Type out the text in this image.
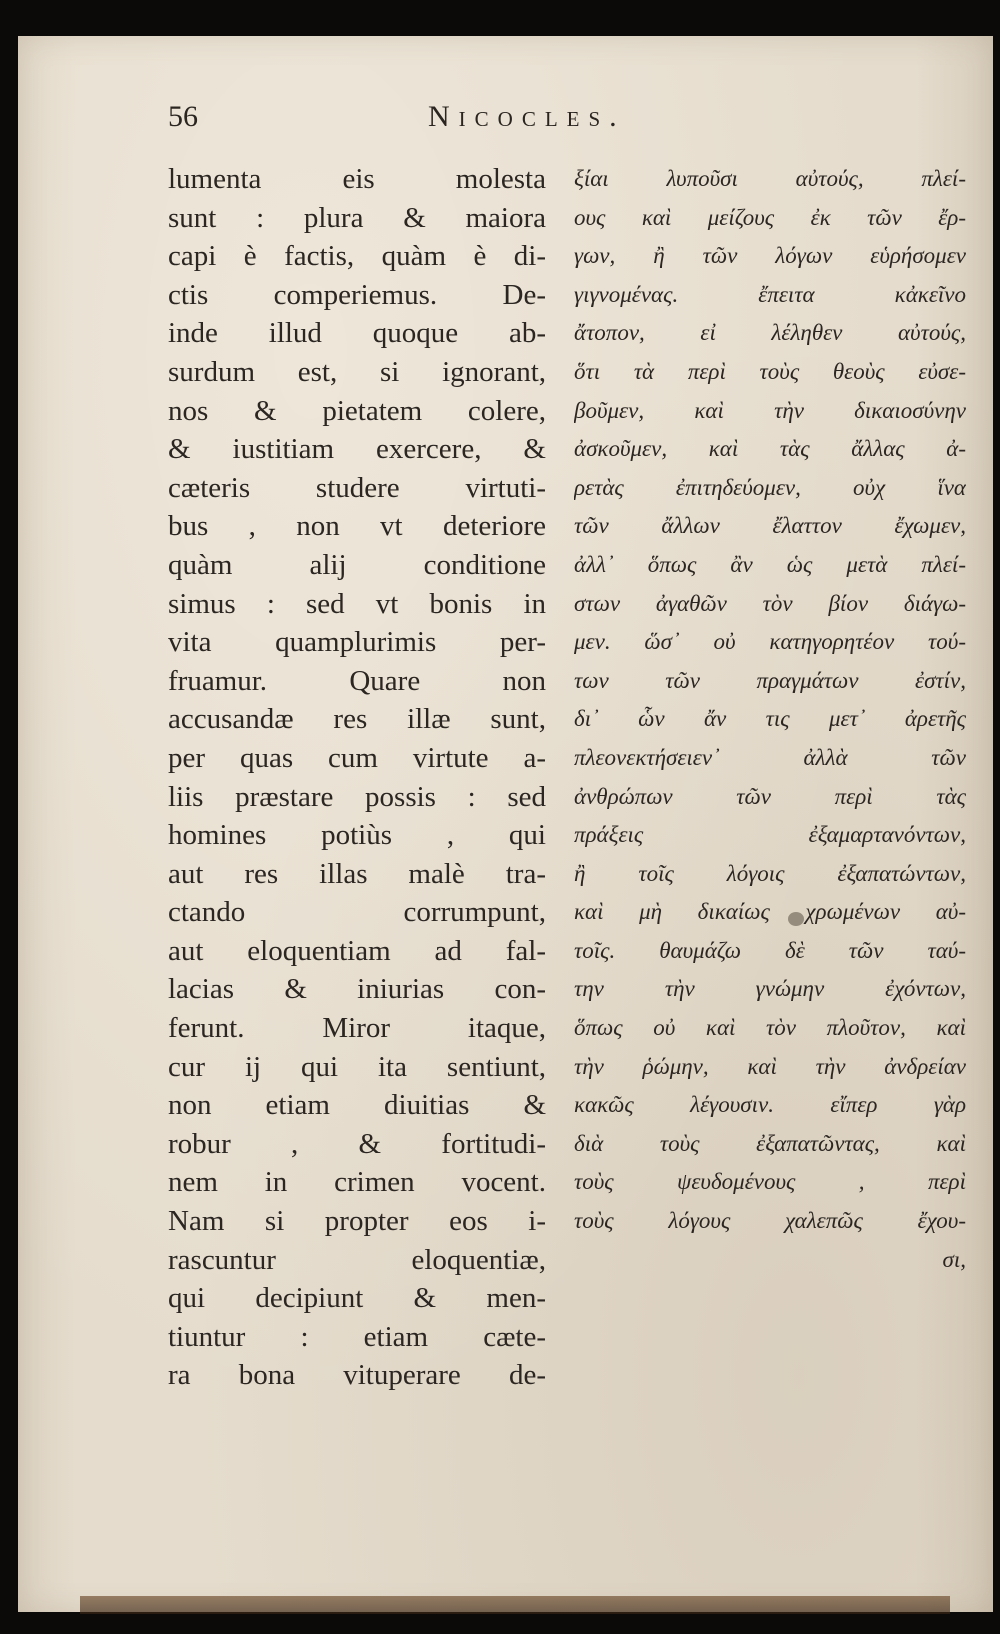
56	Nicocles.
lumenta eis molesta
sunt : plura & maiora
capi è factis, quàm è di-
ctis comperiemus. De-
inde illud quoque ab-
surdum est, si ignorant,
nos & pietatem colere,
& iustitiam exercere, &
cæteris studere virtuti-
bus , non vt deteriore
quàm alij conditione
simus : sed vt bonis in
vita quamplurimis per-
fruamur. Quare non
accusandæ res illæ sunt,
per quas cum virtute a-
liis præstare possis : sed
homines potiùs , qui
aut res illas malè tra-
ctando corrumpunt,
aut eloquentiam ad fal-
lacias & iniurias con-
ferunt. Miror itaque,
cur ij qui ita sentiunt,
non etiam diuitias &
robur , & fortitudi-
nem in crimen vocent.
Nam si propter eos i-
rascuntur eloquentiæ,
qui decipiunt & men-
tiuntur : etiam cæte-
ra bona vituperare de-
ξίαι λυποῦσι αὐτούς, πλεί-
ους καὶ μείζους ἐκ τῶν ἔρ-
γων, ἢ τῶν λόγων εὑρήσομεν
γιγνομένας. ἔπειτα κἀκεῖνο
ἄτοπον, εἰ λέληθεν αὐτούς,
ὅτι τὰ περὶ τοὺς θεοὺς εὐσε-
βοῦμεν, καὶ τὴν δικαιοσύνην
ἀσκοῦμεν, καὶ τὰς ἄλλας ἀ-
ρετὰς ἐπιτηδεύομεν, οὐχ ἵνα
τῶν ἄλλων ἔλαττον ἔχωμεν,
ἀλλ᾽ ὅπως ἂν ὡς μετὰ πλεί-
στων ἀγαθῶν τὸν βίον διάγω-
μεν. ὥσ᾽ οὐ κατηγορητέον τού-
των τῶν πραγμάτων ἐστίν,
δι᾽ ὧν ἄν τις μετ᾽ ἀρετῆς
πλεονεκτήσειεν᾽ ἀλλὰ τῶν
ἀνθρώπων τῶν περὶ τὰς
πράξεις ἐξαμαρτανόντων,
ἢ τοῖς λόγοις ἐξαπατώντων,
καὶ μὴ δικαίως χρωμένων αὐ-
τοῖς. θαυμάζω δὲ τῶν ταύ-
την τὴν γνώμην ἐχόντων,
ὅπως οὐ καὶ τὸν πλοῦτον, καὶ
τὴν ῥώμην, καὶ τὴν ἀνδρείαν
κακῶς λέγουσιν. εἴπερ γὰρ
διὰ τοὺς ἐξαπατῶντας, καὶ
τοὺς ψευδομένους , περὶ
τοὺς λόγους χαλεπῶς ἔχου-
σι,
